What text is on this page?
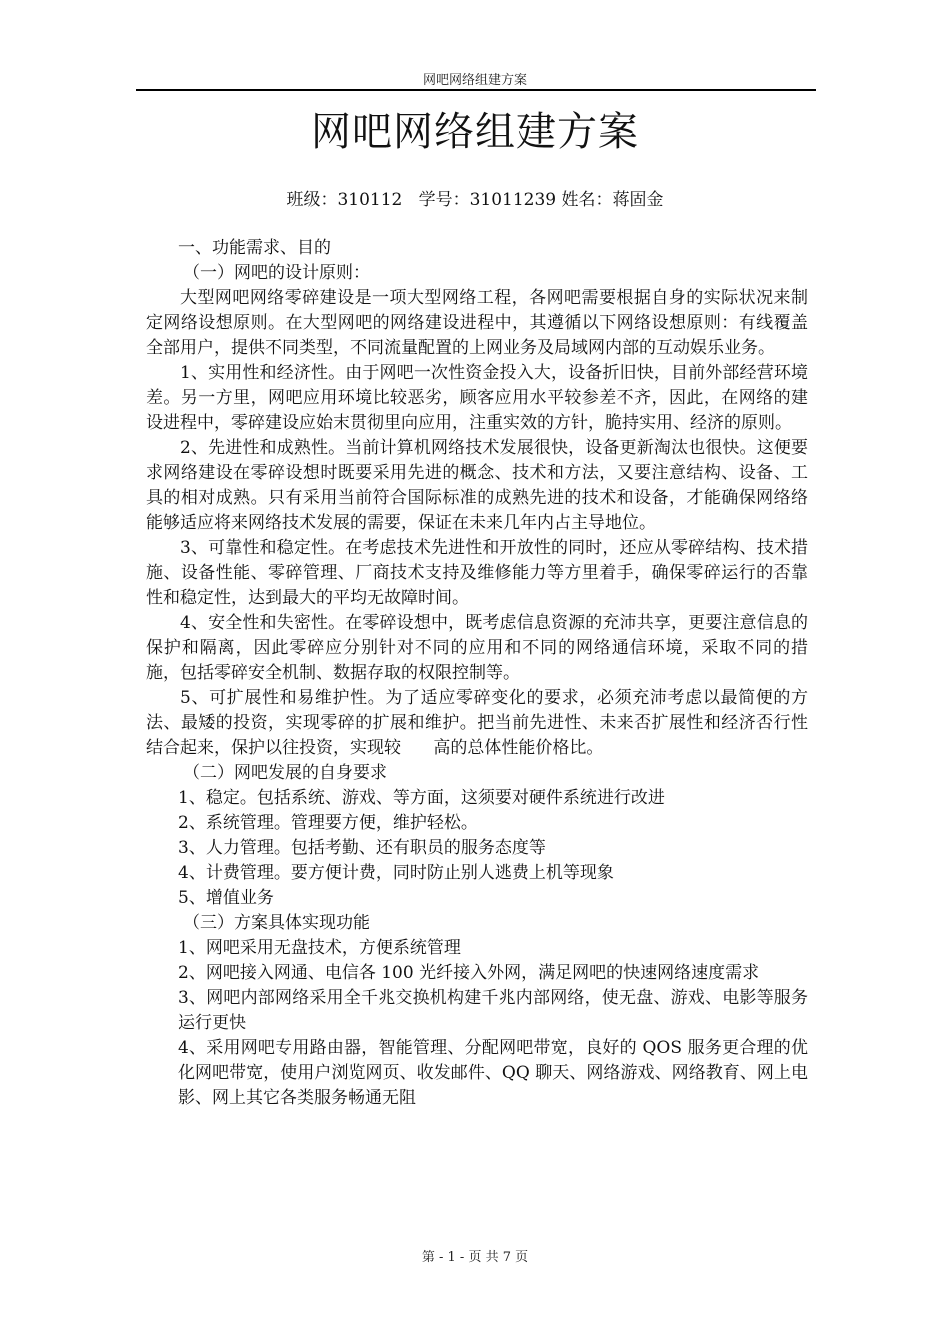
网吧网络组建方案
网吧网络组建方案
班级：310112 学号：31011239 姓名：蒋固金

一、功能需求、目的

（一）网吧的设计原则：

大型网吧网络零碎建设是一项大型网络工程，各网吧需要根据自身的实际状况来制定网络设想原则。在大型网吧的网络建设进程中，其遵循以下网络设想原则：有线覆盖全部用户，提供不同类型，不同流量配置的上网业务及局域网内部的互动娱乐业务。

1、实用性和经济性。由于网吧一次性资金投入大，设备折旧快，目前外部经营环境差。另一方里，网吧应用环境比较恶劣，顾客应用水平较参差不齐，因此，在网络的建设进程中，零碎建设应始末贯彻里向应用，注重实效的方针，脆持实用、经济的原则。

2、先进性和成熟性。当前计算机网络技术发展很快，设备更新淘汰也很快。这便要求网络建设在零碎设想时既要采用先进的概念、技术和方法，又要注意结构、设备、工具的相对成熟。只有采用当前符合国际标准的成熟先进的技术和设备，才能确保网络络能够适应将来网络技术发展的需要，保证在未来几年内占主导地位。

3、可靠性和稳定性。在考虑技术先进性和开放性的同时，还应从零碎结构、技术措施、设备性能、零碎管理、厂商技术支持及维修能力等方里着手，确保零碎运行的否靠性和稳定性，达到最大的平均无故障时间。

4、安全性和失密性。在零碎设想中，既考虑信息资源的充沛共享，更要注意信息的保护和隔离，因此零碎应分别针对不同的应用和不同的网络通信环境，采取不同的措施，包括零碎安全机制、数据存取的权限控制等。

5、可扩展性和易维护性。为了适应零碎变化的要求，必须充沛考虑以最简便的方法、最矮的投资，实现零碎的扩展和维护。把当前先进性、未来否扩展性和经济否行性结合起来，保护以往投资，实现较      高的总体性能价格比。

（二）网吧发展的自身要求

1、稳定。包括系统、游戏、等方面，这须要对硬件系统进行改进

2、系统管理。管理要方便，维护轻松。

3、人力管理。包括考勤、还有职员的服务态度等

4、计费管理。要方便计费，同时防止别人逃费上机等现象

5、增值业务

（三）方案具体实现功能

1、网吧采用无盘技术，方便系统管理

2、网吧接入网通、电信各 100 光纤接入外网，满足网吧的快速网络速度需求

3、网吧内部网络采用全千兆交换机构建千兆内部网络，使无盘、游戏、电影等服务运行更快

4、采用网吧专用路由器，智能管理、分配网吧带宽，良好的 QOS 服务更合理的优化网吧带宽，使用户浏览网页、收发邮件、QQ 聊天、网络游戏、网络教育、网上电影、网上其它各类服务畅通无阻

第 - 1 - 页 共 7 页
